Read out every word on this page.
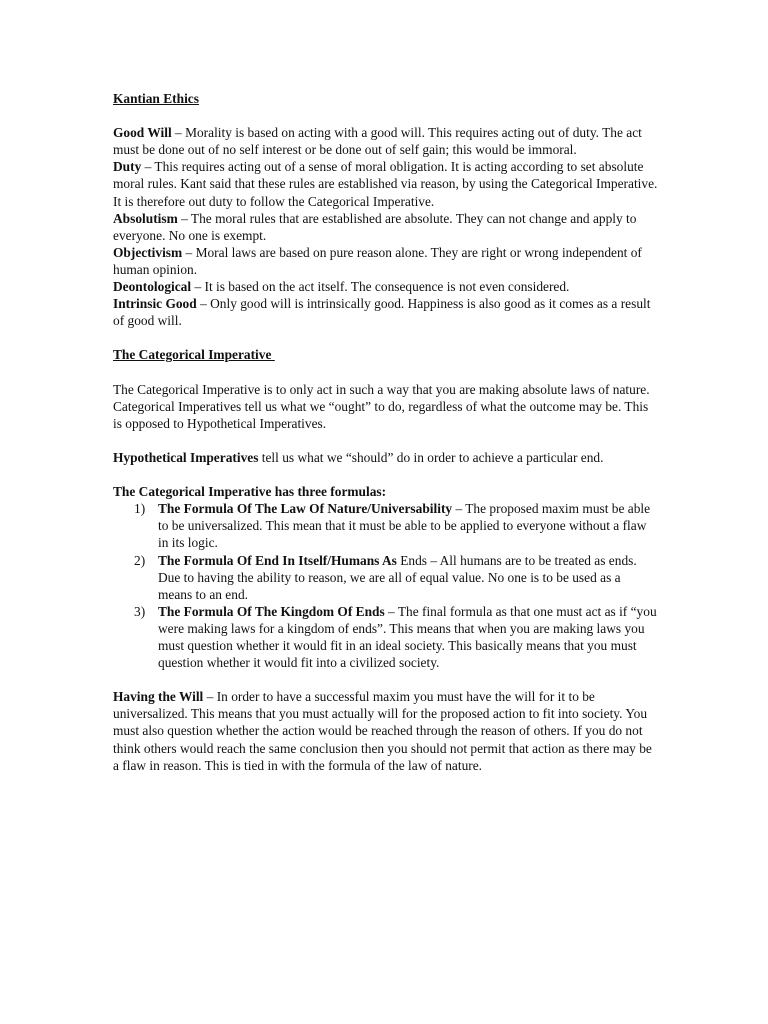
Kantian Ethics

Good Will – Morality is based on acting with a good will. This requires acting out of duty. The act must be done out of no self interest or be done out of self gain; this would be immoral.

Duty – This requires acting out of a sense of moral obligation. It is acting according to set absolute moral rules. Kant said that these rules are established via reason, by using the Categorical Imperative. It is therefore out duty to follow the Categorical Imperative.

Absolutism – The moral rules that are established are absolute. They can not change and apply to everyone. No one is exempt.

Objectivism – Moral laws are based on pure reason alone. They are right or wrong independent of human opinion.

Deontological – It is based on the act itself. The consequence is not even considered.

Intrinsic Good – Only good will is intrinsically good. Happiness is also good as it comes as a result of good will.

The Categorical Imperative

The Categorical Imperative is to only act in such a way that you are making absolute laws of nature. Categorical Imperatives tell us what we “ought” to do, regardless of what the outcome may be. This is opposed to Hypothetical Imperatives.

Hypothetical Imperatives tell us what we “should” do in order to achieve a particular end.

The Categorical Imperative has three formulas:

1) The Formula Of The Law Of Nature/Universability – The proposed maxim must be able to be universalized. This mean that it must be able to be applied to everyone without a flaw in its logic.
2) The Formula Of End In Itself/Humans As Ends – All humans are to be treated as ends. Due to having the ability to reason, we are all of equal value. No one is to be used as a means to an end.
3) The Formula Of The Kingdom Of Ends – The final formula as that one must act as if “you were making laws for a kingdom of ends”. This means that when you are making laws you must question whether it would fit in an ideal society. This basically means that you must question whether it would fit into a civilized society.

Having the Will – In order to have a successful maxim you must have the will for it to be universalized. This means that you must actually will for the proposed action to fit into society. You must also question whether the action would be reached through the reason of others. If you do not think others would reach the same conclusion then you should not permit that action as there may be a flaw in reason. This is tied in with the formula of the law of nature.
